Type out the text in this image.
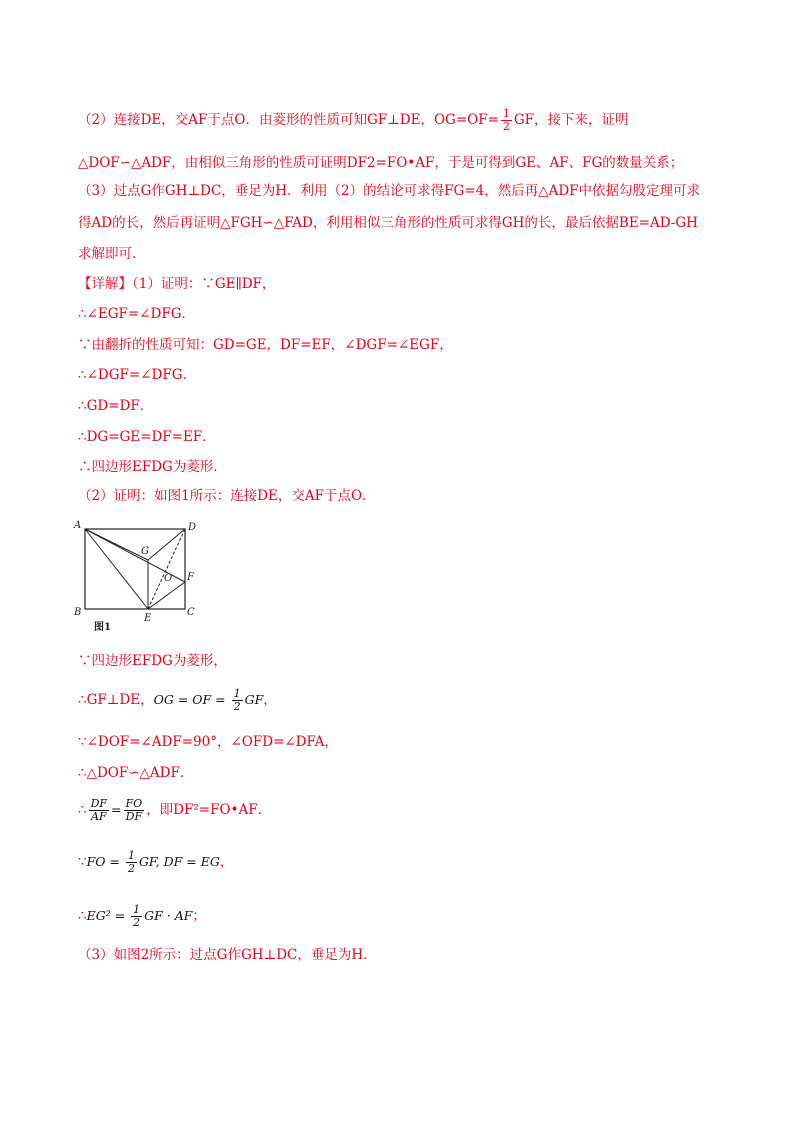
（2）连接DE，交AF于点O．由菱形的性质可知GF⊥DE，$OG=OF= \frac{1}{2}$ GF，接下来，证明
△DOF∽△ADF，由相似三角形的性质可证明DF2=FO•AF，于是可得到GE、AF、FG的数量关系；
（3）过点G作GH⊥DC，垂足为H．利用（2）的结论可求得FG=4，然后再△ADF中依据勾股定理可求
得AD的长，然后再证明△FGH∽△FAD，利用相似三角形的性质可求得GH的长，最后依据BE=AD-GH
求解即可．
【详解】（1）证明：∵GE∥DF，
∴∠EGF=∠DFG．
∵由翻折的性质可知：GD=GE，DF=EF，∠DGF=∠EGF，
∴∠DGF=∠DFG．
∴GD=DF．
∴DG=GE=DF=EF．
∴四边形EFDG为菱形．
（2）证明：如图1所示：连接DE，交AF于点O．
A	D
G
O F
B
E
C
图1
∵四边形EFDG为菱形，
∴GF⊥DE，OG = OF = $\frac{1}{2}$ GF，
∵∠DOF=∠ADF=90°，∠OFD=∠DFA，
∴△DOF∽△ADF．
∴ $\frac{DF}{AF} = \frac{FO}{DF}$ ，即DF²=FO•AF．
∵FO = $\frac{1}{2}$ GF, DF = EG，
∴EG² = $\frac{1}{2}$ GF · AF；
（3）如图2所示：过点G作GH⊥DC，垂足为H．
